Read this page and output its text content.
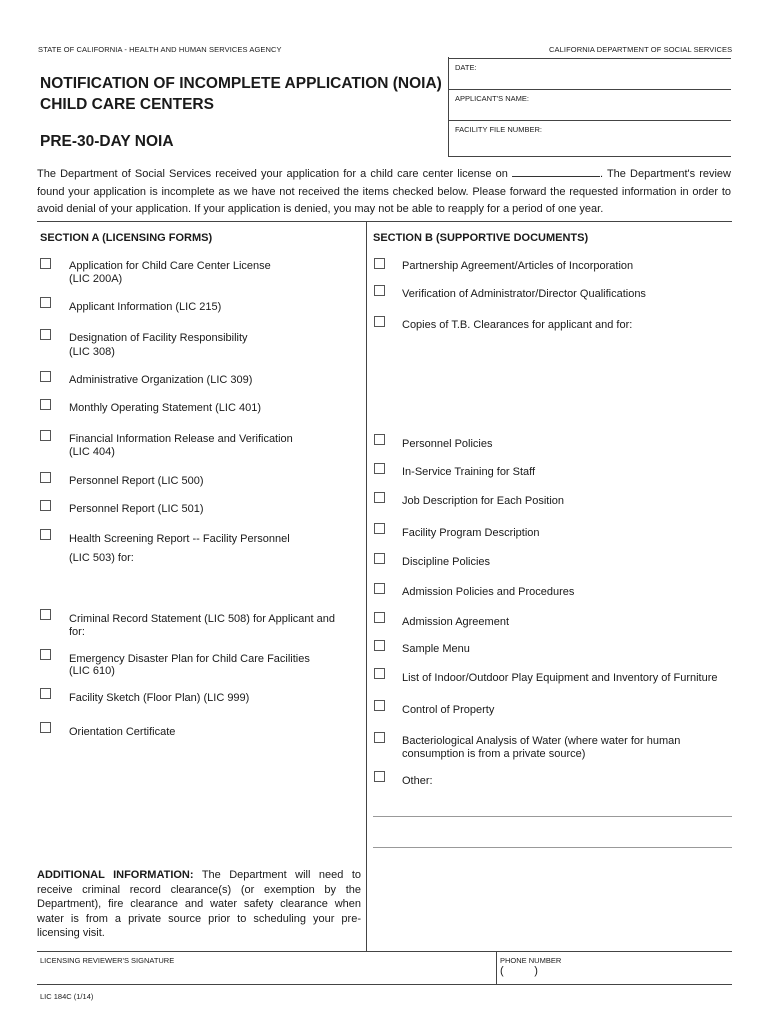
STATE OF CALIFORNIA - HEALTH AND HUMAN SERVICES AGENCY	CALIFORNIA DEPARTMENT OF SOCIAL SERVICES
NOTIFICATION OF INCOMPLETE APPLICATION (NOIA)
CHILD CARE CENTERS
PRE-30-DAY NOIA
DATE:
APPLICANT'S NAME:
FACILITY FILE NUMBER:
The Department of Social Services received your application for a child care center license on	. The Department's review found your application is incomplete as we have not received the items checked below. Please forward the requested information in order to avoid denial of your application. If your application is denied, you may not be able to reapply for a period of one year.
SECTION A (LICENSING FORMS)
Application for Child Care Center License
(LIC 200A)
Applicant Information (LIC 215)
Designation of Facility Responsibility
(LIC 308)
Administrative Organization (LIC 309)
Monthly Operating Statement (LIC 401)
Financial Information Release and Verification
(LIC 404)
Personnel Report (LIC 500)
Personnel Report (LIC 501)
Health Screening Report -- Facility Personnel
(LIC 503) for:
Criminal Record Statement (LIC 508) for Applicant and
for:
Emergency Disaster Plan for Child Care Facilities
(LIC 610)
Facility Sketch (Floor Plan) (LIC 999)
Orientation Certificate
SECTION B (SUPPORTIVE DOCUMENTS)
Partnership Agreement/Articles of Incorporation
Verification of Administrator/Director Qualifications
Copies of T.B. Clearances for applicant and for:
Personnel Policies
In-Service Training for Staff
Job Description for Each Position
Facility Program Description
Discipline Policies
Admission Policies and Procedures
Admission Agreement
Sample Menu
List of Indoor/Outdoor Play Equipment and Inventory of Furniture
Control of Property
Bacteriological Analysis of Water (where water for human
consumption is from a private source)
Other:
ADDITIONAL INFORMATION: The Department will need to receive criminal record clearance(s) (or exemption by the Department), fire clearance and water safety clearance when water is from a private source prior to scheduling your pre-licensing visit.
LICENSING REVIEWER'S SIGNATURE	PHONE NUMBER
(          )
LIC 184C (1/14)
